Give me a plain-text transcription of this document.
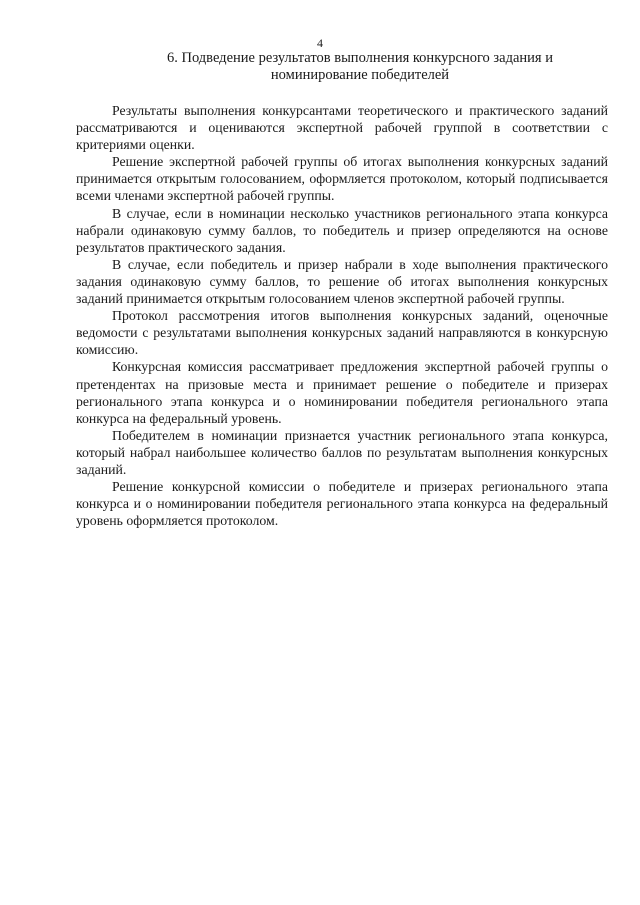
4
6. Подведение результатов выполнения конкурсного задания и
номинирование победителей

Результаты выполнения конкурсантами теоретического и практического заданий рассматриваются и оцениваются экспертной рабочей группой в соответствии с критериями оценки.

Решение экспертной рабочей группы об итогах выполнения конкурсных заданий принимается открытым голосованием, оформляется протоколом, который подписывается всеми членами экспертной рабочей группы.

В случае, если в номинации несколько участников регионального этапа конкурса набрали одинаковую сумму баллов, то победитель и призер определяются на основе результатов практического задания.

В случае, если победитель и призер набрали в ходе выполнения практического задания одинаковую сумму баллов, то решение об итогах выполнения конкурсных заданий принимается открытым голосованием членов экспертной рабочей группы.

Протокол рассмотрения итогов выполнения конкурсных заданий, оценочные ведомости с результатами выполнения конкурсных заданий направляются в конкурсную комиссию.

Конкурсная комиссия рассматривает предложения экспертной рабочей группы о претендентах на призовые места и принимает решение о победителе и призерах регионального этапа конкурса и о номинировании победителя регионального этапа конкурса на федеральный уровень.

Победителем в номинации признается участник регионального этапа конкурса, который набрал наибольшее количество баллов по результатам выполнения конкурсных заданий.

Решение конкурсной комиссии о победителе и призерах регионального этапа конкурса и о номинировании победителя регионального этапа конкурса на федеральный уровень оформляется протоколом.
